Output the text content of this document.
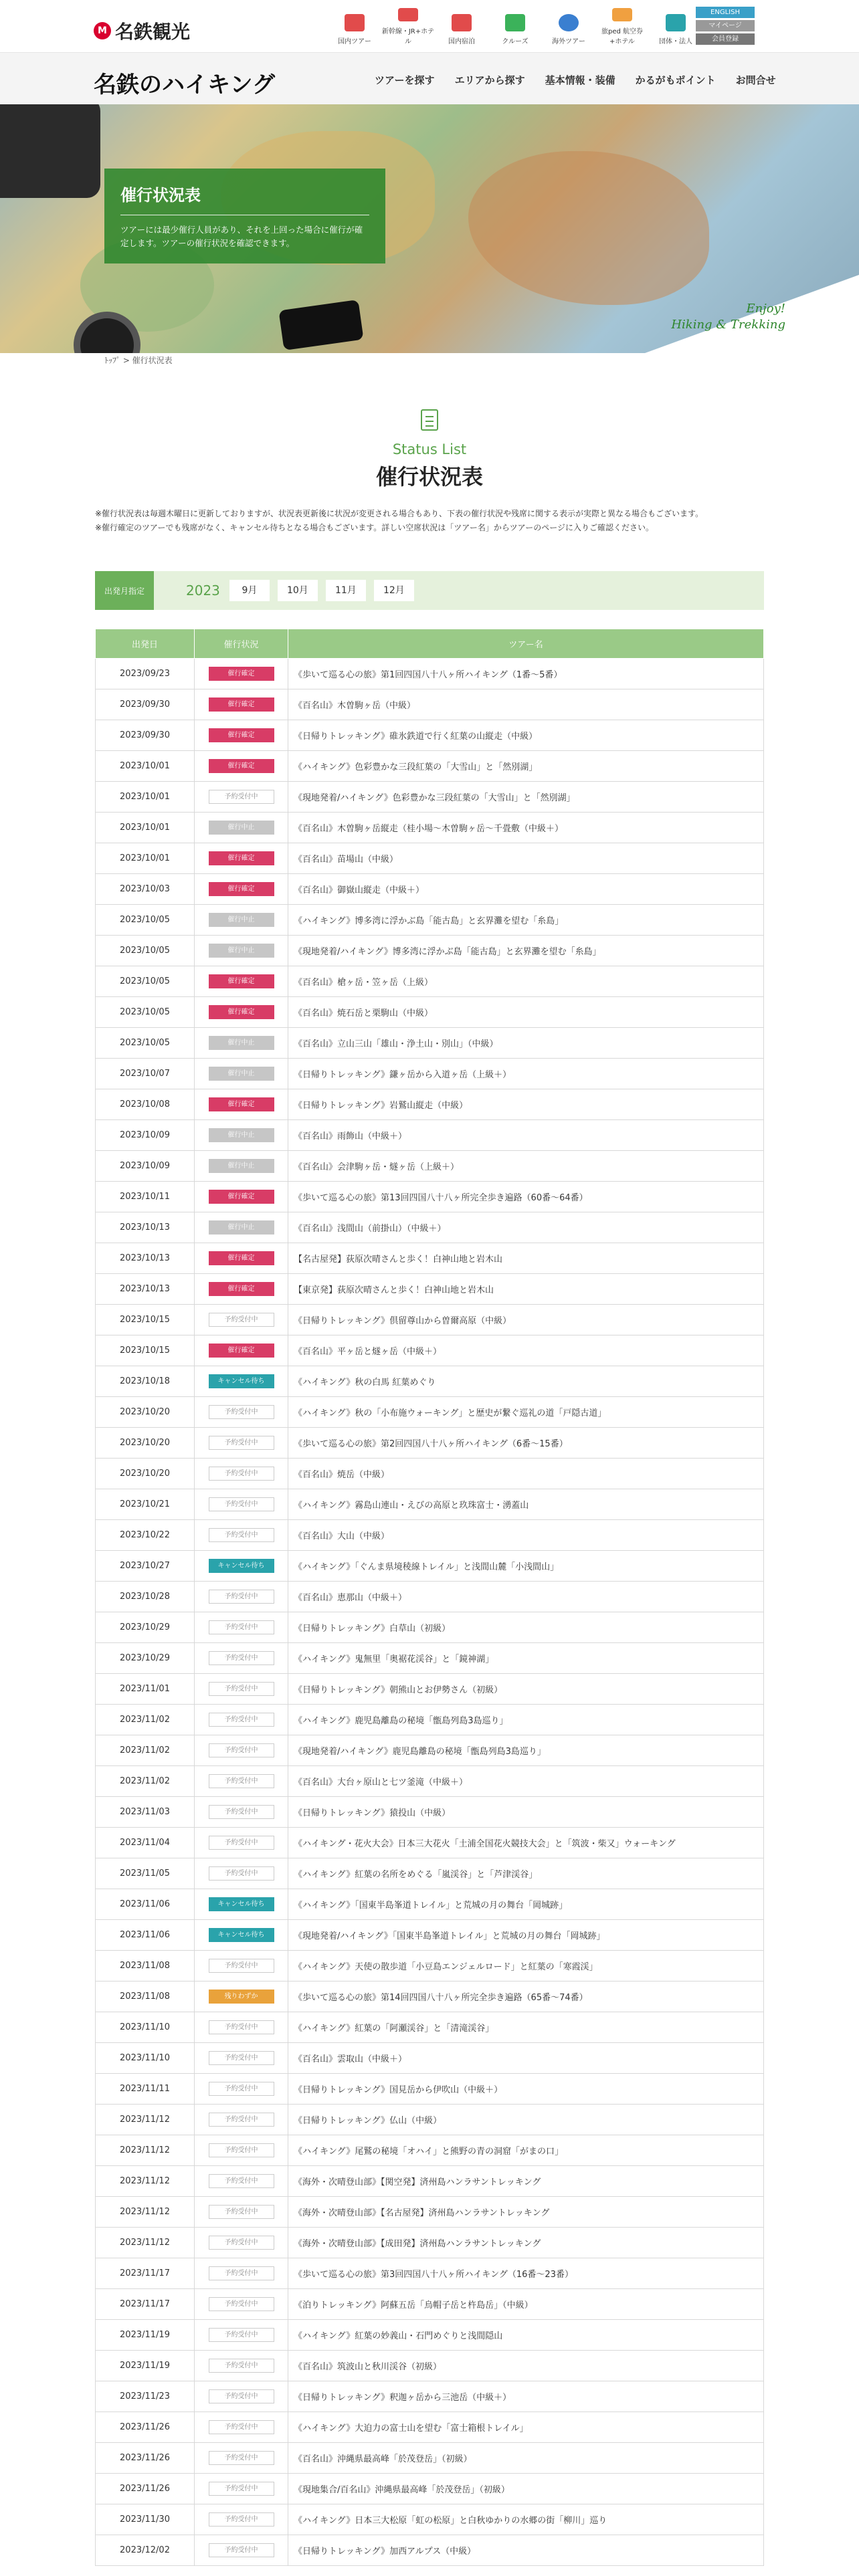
M 名鉄観光	国内ツアー
新幹線・JR+ホテル	国内宿泊	クルーズ	海外ツアー
旅ped 航空券+ホテル	団体・法人
ENGLISH
マイページ
会員登録
名鉄のハイキング	ツアーを探す エリアから探す 基本情報・装備 かるがもポイント お問合せ
催行状況表

ツアーには最少催行人員があり、それを上回った場合に催行が確定します。ツアーの催行状況を確認できます。

Enjoy!
Hiking & Trekking
ﾄｯﾌﾟ > 催行状況表
Status List
催行状況表
※催行状況表は毎週木曜日に更新しておりますが、状況表更新後に状況が変更される場合もあり、下表の催行状況や残席に関する表示が実際と異なる場合もございます。
※催行確定のツアーでも残席がなく、キャンセル待ちとなる場合もございます。詳しい空席状況は「ツアー名」からツアーのページに入りご確認ください。
出発月指定	2023	9月	10月	11月	12月
出発日	催行状況	ツアー名
2023/09/23	催行確定	《歩いて巡る心の旅》第1回四国八十八ヶ所ハイキング（1番～5番）
2023/09/30	催行確定	《百名山》木曽駒ヶ岳（中級）
2023/09/30	催行確定	《日帰りトレッキング》碓氷鉄道で行く紅葉の山縦走（中級）
2023/10/01	催行確定	《ハイキング》色彩豊かな三段紅葉の「大雪山」と「然別湖」
2023/10/01	予約受付中	《現地発着/ハイキング》色彩豊かな三段紅葉の「大雪山」と「然別湖」
2023/10/01	催行中止	《百名山》木曽駒ヶ岳縦走（桂小場～木曽駒ヶ岳～千畳敷（中級＋）
2023/10/01	催行確定	《百名山》苗場山（中級）
2023/10/03	催行確定	《百名山》御嶽山縦走（中級＋）
2023/10/05	催行中止	《ハイキング》博多湾に浮かぶ島「能古島」と玄界灘を望む「糸島」
2023/10/05	催行中止	《現地発着/ハイキング》博多湾に浮かぶ島「能古島」と玄界灘を望む「糸島」
2023/10/05	催行確定	《百名山》槍ヶ岳・笠ヶ岳（上級）
2023/10/05	催行確定	《百名山》焼石岳と栗駒山（中級）
2023/10/05	催行中止	《百名山》立山三山「雄山・浄土山・別山」（中級）
2023/10/07	催行中止	《日帰りトレッキング》鎌ヶ岳から入道ヶ岳（上級＋）
2023/10/08	催行確定	《日帰りトレッキング》岩鷲山縦走（中級）
2023/10/09	催行中止	《百名山》雨飾山（中級＋）
2023/10/09	催行中止	《百名山》会津駒ヶ岳・燧ヶ岳（上級＋）
2023/10/11	催行確定	《歩いて巡る心の旅》第13回四国八十八ヶ所完全歩き遍路（60番～64番）
2023/10/13	催行中止	《百名山》浅間山（前掛山）（中級＋）
2023/10/13	催行確定	【名古屋発】荻原次晴さんと歩く！白神山地と岩木山
2023/10/13	催行確定	【東京発】荻原次晴さんと歩く！白神山地と岩木山
2023/10/15	予約受付中	《日帰りトレッキング》倶留尊山から曽爾高原（中級）
2023/10/15	催行確定	《百名山》平ヶ岳と燧ヶ岳（中級＋）
2023/10/18	キャンセル待ち	《ハイキング》秋の白馬 紅葉めぐり
2023/10/20	予約受付中	《ハイキング》秋の「小布施ウォーキング」と歴史が繋ぐ巡礼の道「戸隠古道」
2023/10/20	予約受付中	《歩いて巡る心の旅》第2回四国八十八ヶ所ハイキング（6番～15番）
2023/10/20	予約受付中	《百名山》焼岳（中級）
2023/10/21	予約受付中	《ハイキング》霧島山連山・えびの高原と玖珠富士・湧蓋山
2023/10/22	予約受付中	《百名山》大山（中級）
2023/10/27	キャンセル待ち	《ハイキング》「ぐんま県境稜線トレイル」と浅間山麓「小浅間山」
2023/10/28	予約受付中	《百名山》恵那山（中級＋）
2023/10/29	予約受付中	《日帰りトレッキング》白草山（初級）
2023/10/29	予約受付中	《ハイキング》鬼無里「奥裾花渓谷」と「鏡神湖」
2023/11/01	予約受付中	《日帰りトレッキング》朝熊山とお伊勢さん（初級）
2023/11/02	予約受付中	《ハイキング》鹿児島離島の秘境「甑島列島3島巡り」
2023/11/02	予約受付中	《現地発着/ハイキング》鹿児島離島の秘境「甑島列島3島巡り」
2023/11/02	予約受付中	《百名山》大台ヶ原山と七ツ釜滝（中級＋）
2023/11/03	予約受付中	《日帰りトレッキング》猿投山（中級）
2023/11/04	予約受付中	《ハイキング・花火大会》日本三大花火「土浦全国花火競技大会」と「筑波・柴又」ウォーキング
2023/11/05	予約受付中	《ハイキング》紅葉の名所をめぐる「嵐渓谷」と「芦津渓谷」
2023/11/06	キャンセル待ち	《ハイキング》「国東半島峯道トレイル」と荒城の月の舞台「岡城跡」
2023/11/06	キャンセル待ち	《現地発着/ハイキング》「国東半島峯道トレイル」と荒城の月の舞台「岡城跡」
2023/11/08	予約受付中	《ハイキング》天使の散歩道「小豆島エンジェルロード」と紅葉の「寒霞渓」
2023/11/08	残りわずか	《歩いて巡る心の旅》第14回四国八十八ヶ所完全歩き遍路（65番～74番）
2023/11/10	予約受付中	《ハイキング》紅葉の「阿瀬渓谷」と「清滝渓谷」
2023/11/10	予約受付中	《百名山》雲取山（中級＋）
2023/11/11	予約受付中	《日帰りトレッキング》国見岳から伊吹山（中級＋）
2023/11/12	予約受付中	《日帰りトレッキング》仏山（中級）
2023/11/12	予約受付中	《ハイキング》尾鷲の秘境「オハイ」と熊野の青の洞窟「がまの口」
2023/11/12	予約受付中	《海外・次晴登山部》【関空発】済州島ハンラサントレッキング
2023/11/12	予約受付中	《海外・次晴登山部》【名古屋発】済州島ハンラサントレッキング
2023/11/12	予約受付中	《海外・次晴登山部》【成田発】済州島ハンラサントレッキング
2023/11/17	予約受付中	《歩いて巡る心の旅》第3回四国八十八ヶ所ハイキング（16番～23番）
2023/11/17	予約受付中	《泊りトレッキング》阿蘇五岳「烏帽子岳と杵島岳」（中級）
2023/11/19	予約受付中	《ハイキング》紅葉の妙義山・石門めぐりと浅間隠山
2023/11/19	予約受付中	《百名山》筑波山と秋川渓谷（初級）
2023/11/23	予約受付中	《日帰りトレッキング》釈迦ヶ岳から三池岳（中級＋）
2023/11/26	予約受付中	《ハイキング》大迫力の富士山を望む「富士箱根トレイル」
2023/11/26	予約受付中	《百名山》沖縄県最高峰「於茂登岳」（初級）
2023/11/26	予約受付中	《現地集合/百名山》沖縄県最高峰「於茂登岳」（初級）
2023/11/30	予約受付中	《ハイキング》日本三大松原「虹の松原」と白秋ゆかりの水郷の街「柳川」巡り
2023/12/02	予約受付中	《日帰りトレッキング》加西アルプス（中級）
